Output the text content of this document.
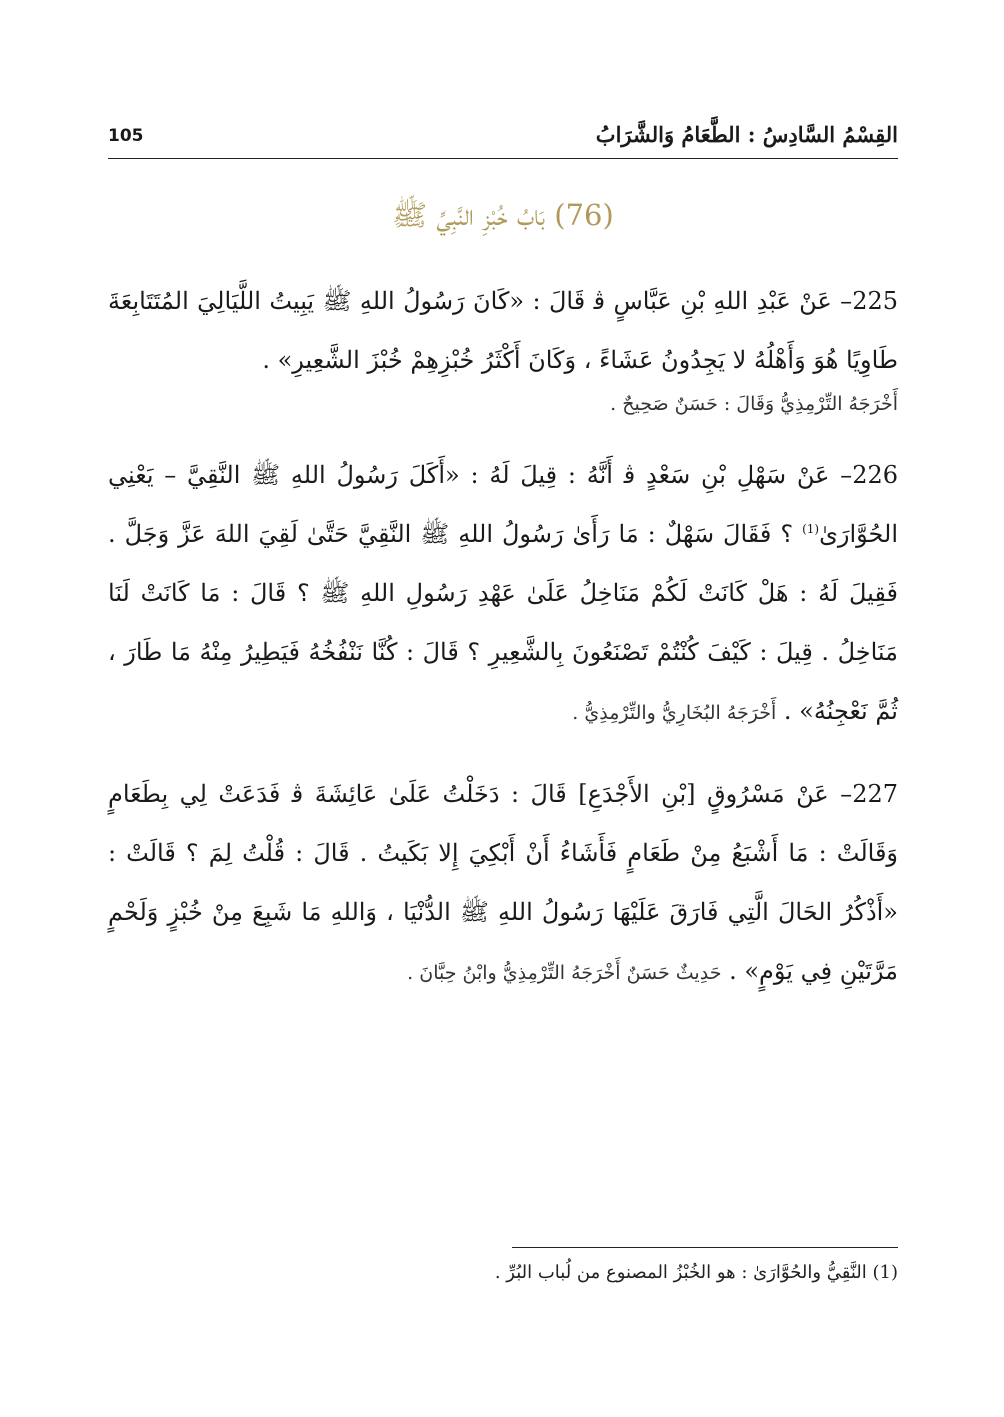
القِسْمُ السَّادِسُ : الطَّعَامُ وَالشَّرَابُ
105
(76) بَابُ خُبْزِ النَّبِيِّ ﷺ

225– عَنْ عَبْدِ اللهِ بْنِ عَبَّاسٍ ﭬ قَالَ : «كَانَ رَسُولُ اللهِ ﷺ يَبِيتُ اللَّيَالِيَ المُتَتَابِعَةَ طَاوِيًا هُوَ وَأَهْلُهُ لا يَجِدُونُ عَشَاءً ، وَكَانَ أَكْثَرُ خُبْزِهِمْ خُبْزَ الشَّعِيرِ» .

أَخْرَجَهُ التِّرْمِذِيُّ وَقَالَ : حَسَنٌ صَحِيحٌ .

226– عَنْ سَهْلِ بْنِ سَعْدٍ ﭬ أَنَّهُ : قِيلَ لَهُ : «أَكَلَ رَسُولُ اللهِ ﷺ النَّقِيَّ – يَعْنِي الحُوَّارَىٰ$^{(1)}$ ؟ فَقَالَ سَهْلٌ : مَا رَأَىٰ رَسُولُ اللهِ ﷺ النَّقِيَّ حَتَّىٰ لَقِيَ اللهَ عَزَّ وَجَلَّ . فَقِيلَ لَهُ : هَلْ كَانَتْ لَكُمْ مَنَاخِلُ عَلَىٰ عَهْدِ رَسُولِ اللهِ ﷺ ؟ قَالَ : مَا كَانَتْ لَنَا مَنَاخِلُ . قِيلَ : كَيْفَ كُنْتُمْ تَصْنَعُونَ بِالشَّعِيرِ ؟ قَالَ : كُنَّا نَنْفُخُهُ فَيَطِيرُ مِنْهُ مَا طَارَ ، ثُمَّ نَعْجِنُهُ» . أَخْرَجَهُ البُخَارِيُّ والتِّرْمِذِيُّ .

227– عَنْ مَسْرُوقٍ [بْنِ الأَجْدَعِ] قَالَ : دَخَلْتُ عَلَىٰ عَائِشَةَ ﭬ فَدَعَتْ لِي بِطَعَامٍ وَقَالَتْ : مَا أَشْبَعُ مِنْ طَعَامٍ فَأَشَاءُ أَنْ أَبْكِيَ إِلا بَكَيتُ . قَالَ : قُلْتُ لِمَ ؟ قَالَتْ : «أَذْكُرُ الحَالَ الَّتِي فَارَقَ عَلَيْهَا رَسُولُ اللهِ ﷺ الدُّنْيَا ، وَاللهِ مَا شَبِعَ مِنْ خُبْزٍ وَلَحْمٍ مَرَّتَيْنِ فِي يَوْمٍ» . حَدِيثٌ حَسَنٌ أَخْرَجَهُ التِّرْمِذِيُّ وابْنُ حِبَّانَ .

(1) النَّقِيُّ والحُوَّارَىٰ : هو الخُبْزُ المصنوع من لُباب البُرِّ .
